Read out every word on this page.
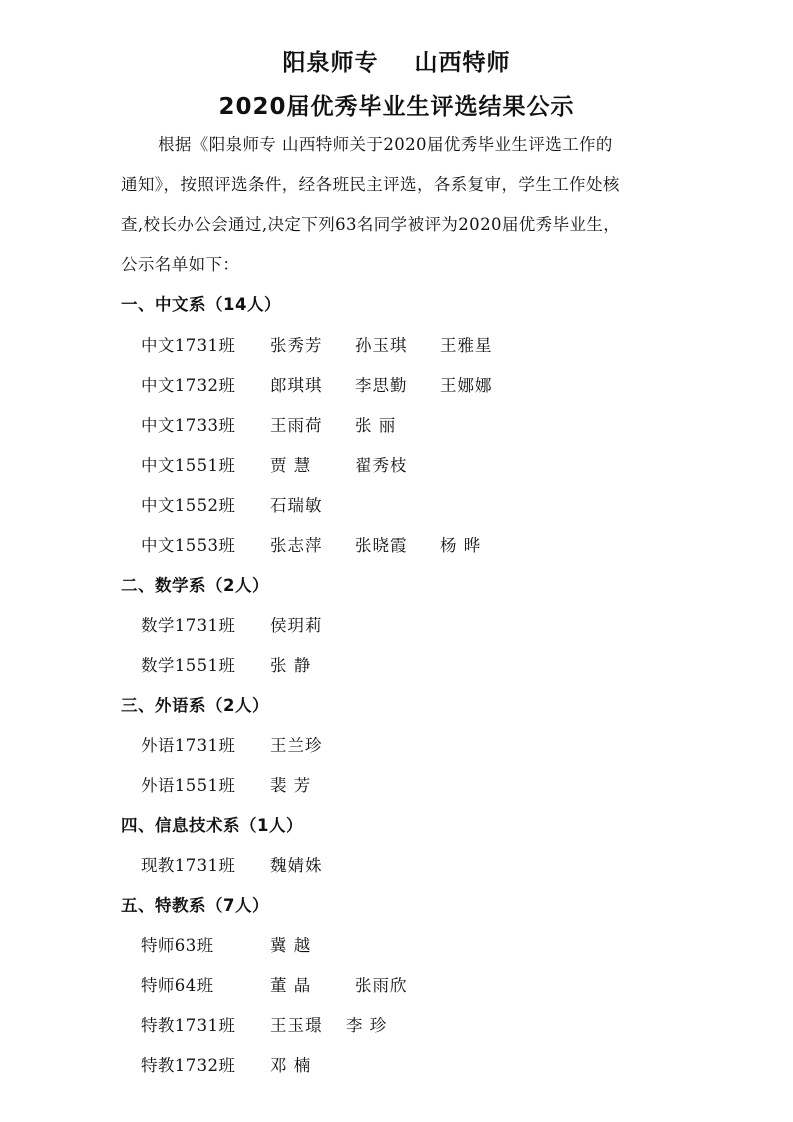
阳泉师专    山西特师
2020届优秀毕业生评选结果公示
根据《阳泉师专 山西特师关于2020届优秀毕业生评选工作的
通知》，按照评选条件，经各班民主评选，各系复审，学生工作处核
查,校长办公会通过,决定下列63名同学被评为2020届优秀毕业生，
公示名单如下：
一、中文系（14人）
中文1731班 张秀芳 孙玉琪 王雅星
中文1732班 郎琪琪 李思勤 王娜娜
中文1733班 王雨荷 张 丽
中文1551班 贾 慧	翟秀枝
中文1552班 石瑞敏
中文1553班 张志萍 张晓霞 杨 晔
二、数学系（2人）
数学1731班 侯玥莉
数学1551班 张 静
三、外语系（2人）
外语1731班 王兰珍
外语1551班 裴 芳
四、信息技术系（1人）
现教1731班 魏婧姝
五、特教系（7人）
特师63班	冀 越
特师64班	董 晶	张雨欣
特教1731班 王玉璟 李 珍
特教1732班 邓 楠
